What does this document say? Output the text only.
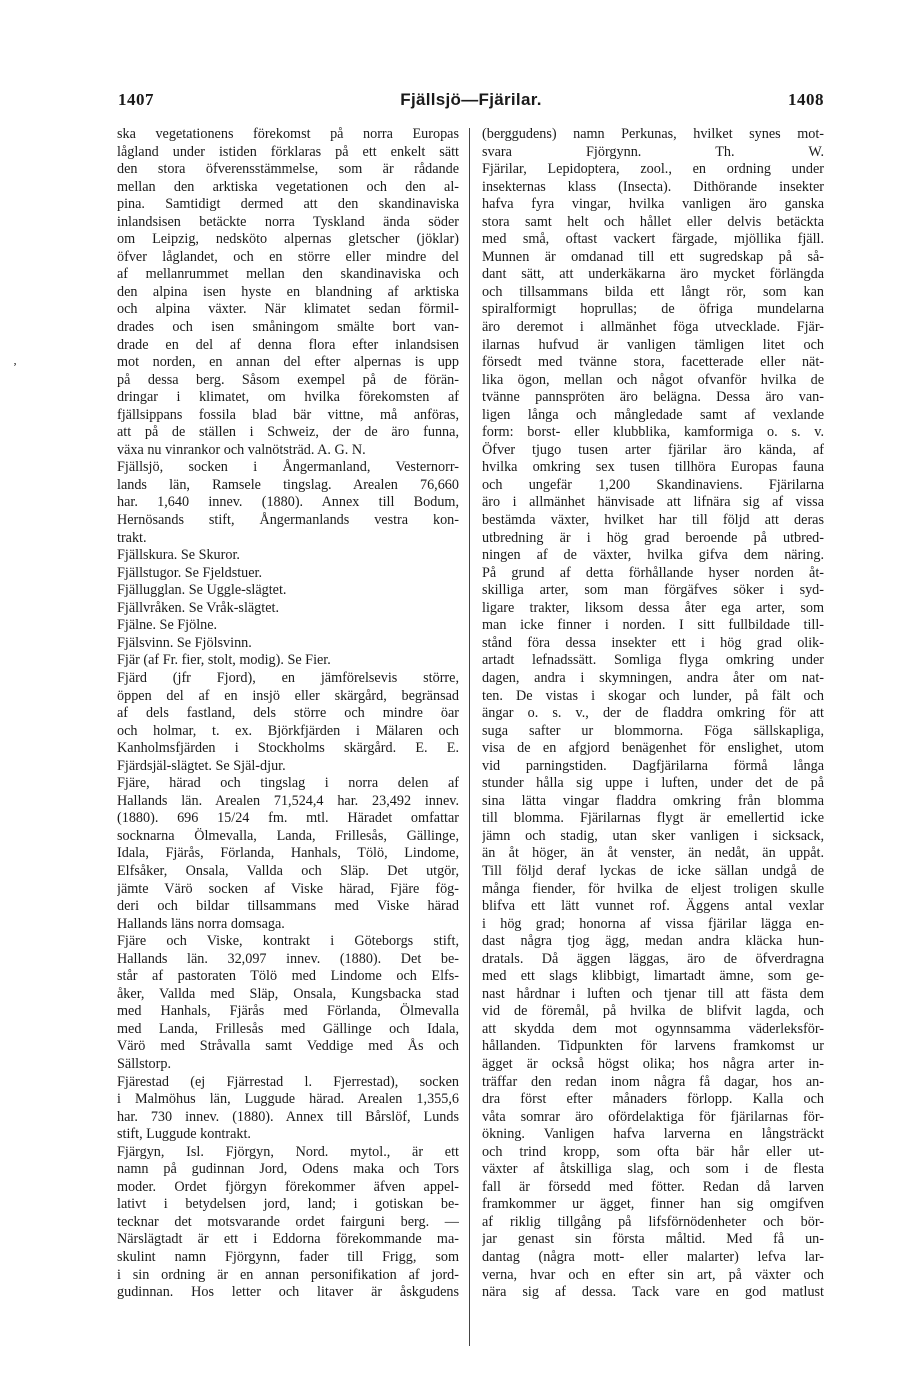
1407	Fjällsjö—Fjärilar.	1408
ʼ
ska vegetationens förekomst på norra Europas
lågland under istiden förklaras på ett enkelt sätt
den stora öfverensstämmelse, som är rådande
mellan den arktiska vegetationen och den al-
pina. Samtidigt dermed att den skandinaviska
inlandsisen betäckte norra Tyskland ända söder
om Leipzig, nedsköto alpernas gletscher (jöklar)
öfver låglandet, och en större eller mindre del
af mellanrummet mellan den skandinaviska och
den alpina isen hyste en blandning af arktiska
och alpina växter. När klimatet sedan förmil-
drades och isen småningom smälte bort van-
drade en del af denna flora efter inlandsisen
mot norden, en annan del efter alpernas is upp
på dessa berg. Såsom exempel på de förän-
dringar i klimatet, om hvilka förekomsten af
fjällsippans fossila blad bär vittne, må anföras,
att på de ställen i Schweiz, der de äro funna,
växa nu vinrankor och valnötsträd. A. G. N.
Fjällsjö, socken i Ångermanland, Vesternorr-
lands län, Ramsele tingslag. Arealen 76,660
har. 1,640 innev. (1880). Annex till Bodum,
Hernösands stift, Ångermanlands vestra kon-
trakt.
Fjällskura. Se Skuror.
Fjällstugor. Se Fjeldstuer.
Fjällugglan. Se Uggle-slägtet.
Fjällvråken. Se Vråk-slägtet.
Fjälne. Se Fjölne.
Fjälsvinn. Se Fjölsvinn.
Fjär (af Fr. fier, stolt, modig). Se Fier.
Fjärd (jfr Fjord), en jämförelsevis större,
öppen del af en insjö eller skärgård, begränsad
af dels fastland, dels större och mindre öar
och holmar, t. ex. Björkfjärden i Mälaren och
Kanholmsfjärden i Stockholms skärgård. E. E.
Fjärdsjäl-slägtet. Se Själ-djur.
Fjäre, härad och tingslag i norra delen af
Hallands län. Arealen 71,524,4 har. 23,492 innev.
(1880). 696 15/24 fm. mtl. Häradet omfattar
socknarna Ölmevalla, Landa, Frillesås, Gällinge,
Idala, Fjärås, Förlanda, Hanhals, Tölö, Lindome,
Elfsåker, Onsala, Vallda och Släp. Det utgör,
jämte Värö socken af Viske härad, Fjäre fög-
deri och bildar tillsammans med Viske härad
Hallands läns norra domsaga.
Fjäre och Viske, kontrakt i Göteborgs stift,
Hallands län. 32,097 innev. (1880). Det be-
står af pastoraten Tölö med Lindome och Elfs-
åker, Vallda med Släp, Onsala, Kungsbacka stad
med Hanhals, Fjärås med Förlanda, Ölmevalla
med Landa, Frillesås med Gällinge och Idala,
Värö med Stråvalla samt Veddige med Ås och
Sällstorp.
Fjärestad (ej Fjärrestad l. Fjerrestad), socken
i Malmöhus län, Luggude härad. Arealen 1,355,6
har. 730 innev. (1880). Annex till Bårslöf, Lunds
stift, Luggude kontrakt.
Fjärgyn, Isl. Fjörgyn, Nord. mytol., är ett
namn på gudinnan Jord, Odens maka och Tors
moder. Ordet fjörgyn förekommer äfven appel-
lativt i betydelsen jord, land; i gotiskan be-
tecknar det motsvarande ordet fairguni berg. —
Närslägtadt är ett i Eddorna förekommande ma-
skulint namn Fjörgynn, fader till Frigg, som
i sin ordning är en annan personifikation af jord-
gudinnan. Hos letter och litaver är åskgudens
(berggudens) namn Perkunas, hvilket synes mot-
svara Fjörgynn. Th. W.
Fjärilar, Lepidoptera, zool., en ordning under
insekternas klass (Insecta). Dithörande insekter
hafva fyra vingar, hvilka vanligen äro ganska
stora samt helt och hållet eller delvis betäckta
med små, oftast vackert färgade, mjöllika fjäll.
Munnen är omdanad till ett sugredskap på så-
dant sätt, att underkäkarna äro mycket förlängda
och tillsammans bilda ett långt rör, som kan
spiralformigt hoprullas; de öfriga mundelarna
äro deremot i allmänhet föga utvecklade. Fjär-
ilarnas hufvud är vanligen tämligen litet och
försedt med tvänne stora, facetterade eller nät-
lika ögon, mellan och något ofvanför hvilka de
tvänne pannspröten äro belägna. Dessa äro van-
ligen långa och mångledade samt af vexlande
form: borst- eller klubblika, kamformiga o. s. v.
Öfver tjugo tusen arter fjärilar äro kända, af
hvilka omkring sex tusen tillhöra Europas fauna
och ungefär 1,200 Skandinaviens. Fjärilarna
äro i allmänhet hänvisade att lifnära sig af vissa
bestämda växter, hvilket har till följd att deras
utbredning är i hög grad beroende på utbred-
ningen af de växter, hvilka gifva dem näring.
På grund af detta förhållande hyser norden åt-
skilliga arter, som man förgäfves söker i syd-
ligare trakter, liksom dessa åter ega arter, som
man icke finner i norden. I sitt fullbildade till-
stånd föra dessa insekter ett i hög grad olik-
artadt lefnadssätt. Somliga flyga omkring under
dagen, andra i skymningen, andra åter om nat-
ten. De vistas i skogar och lunder, på fält och
ängar o. s. v., der de fladdra omkring för att
suga safter ur blommorna. Föga sällskapliga,
visa de en afgjord benägenhet för enslighet, utom
vid parningstiden. Dagfjärilarna förmå långa
stunder hålla sig uppe i luften, under det de på
sina lätta vingar fladdra omkring från blomma
till blomma. Fjärilarnas flygt är emellertid icke
jämn och stadig, utan sker vanligen i sicksack,
än åt höger, än åt venster, än nedåt, än uppåt.
Till följd deraf lyckas de icke sällan undgå de
många fiender, för hvilka de eljest troligen skulle
blifva ett lätt vunnet rof. Äggens antal vexlar
i hög grad; honorna af vissa fjärilar lägga en-
dast några tjog ägg, medan andra kläcka hun-
dratals. Då äggen läggas, äro de öfverdragna
med ett slags klibbigt, limartadt ämne, som ge-
nast hårdnar i luften och tjenar till att fästa dem
vid de föremål, på hvilka de blifvit lagda, och
att skydda dem mot ogynnsamma väderleksför-
hållanden. Tidpunkten för larvens framkomst ur
ägget är också högst olika; hos några arter in-
träffar den redan inom några få dagar, hos an-
dra först efter månaders förlopp. Kalla och
våta somrar äro ofördelaktiga för fjärilarnas för-
ökning. Vanligen hafva larverna en långsträckt
och trind kropp, som ofta bär hår eller ut-
växter af åtskilliga slag, och som i de flesta
fall är försedd med fötter. Redan då larven
framkommer ur ägget, finner han sig omgifven
af riklig tillgång på lifsförnödenheter och bör-
jar genast sin första måltid. Med få un-
dantag (några mott- eller malarter) lefva lar-
verna, hvar och en efter sin art, på växter och
nära sig af dessa. Tack vare en god matlust
